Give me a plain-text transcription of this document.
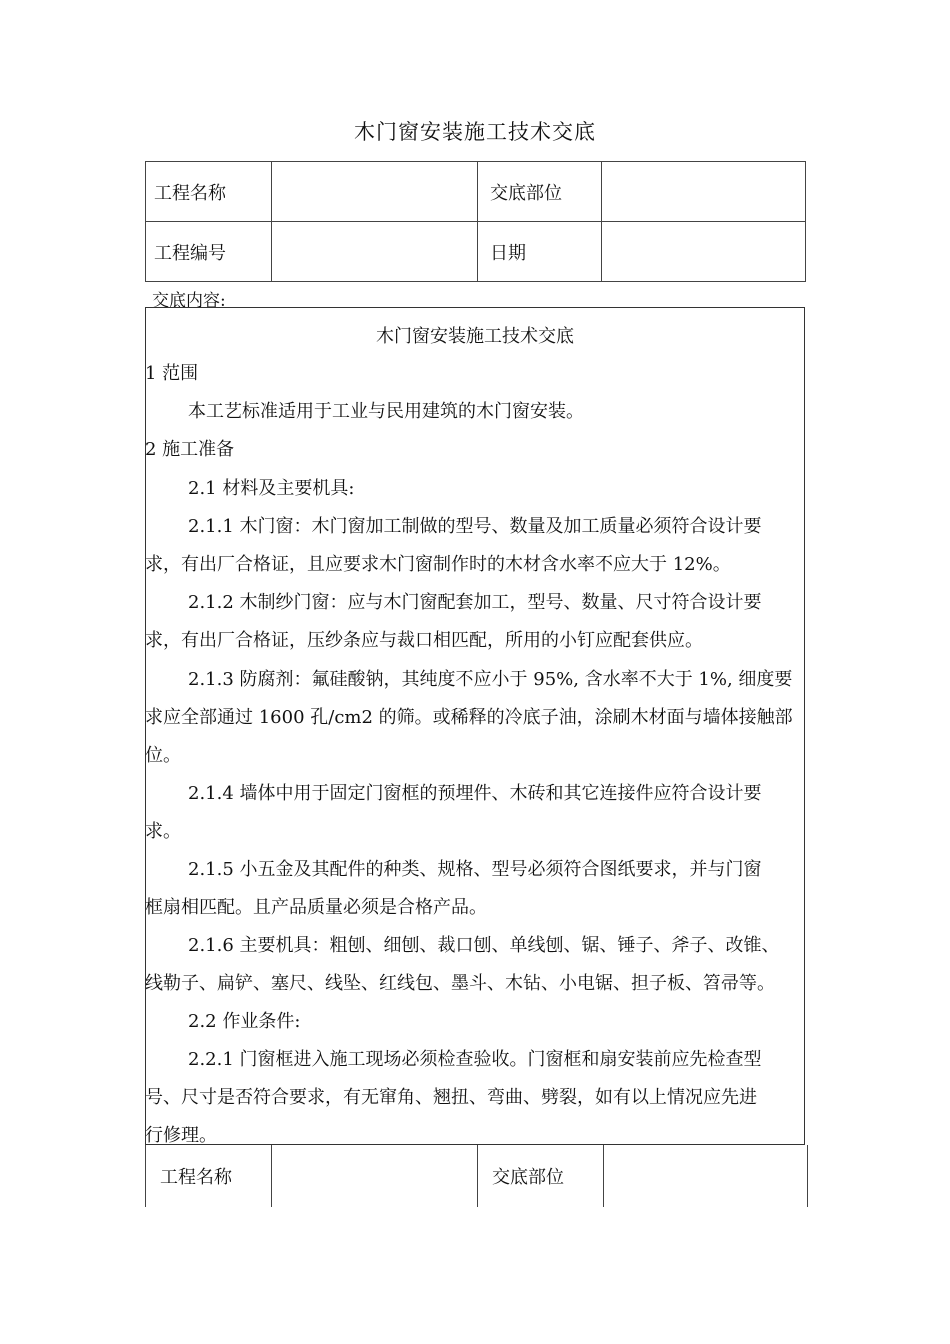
木门窗安装施工技术交底
工程名称		交底部位	
工程编号		日期	
交底内容:
木门窗安装施工技术交底
1 范围
本工艺标准适用于工业与民用建筑的木门窗安装。
2 施工准备
2.1 材料及主要机具:
2.1.1 木门窗：木门窗加工制做的型号、数量及加工质量必须符合设计要
求，有出厂合格证，且应要求木门窗制作时的木材含水率不应大于 12%。
2.1.2 木制纱门窗：应与木门窗配套加工，型号、数量、尺寸符合设计要
求，有出厂合格证，压纱条应与裁口相匹配，所用的小钉应配套供应。
2.1.3 防腐剂：氟硅酸钠，其纯度不应小于 95%, 含水率不大于 1%, 细度要
求应全部通过 1600 孔/cm2 的筛。或稀释的冷底子油，涂刷木材面与墙体接触部
位。
2.1.4 墙体中用于固定门窗框的预埋件、木砖和其它连接件应符合设计要
求。
2.1.5 小五金及其配件的种类、规格、型号必须符合图纸要求，并与门窗
框扇相匹配。且产品质量必须是合格产品。
2.1.6 主要机具：粗刨、细刨、裁口刨、单线刨、锯、锤子、斧子、改锥、
线勒子、扁铲、塞尺、线坠、红线包、墨斗、木钻、小电锯、担子板、笤帚等。
2.2 作业条件:
2.2.1 门窗框进入施工现场必须检查验收。门窗框和扇安装前应先检查型
号、尺寸是否符合要求，有无窜角、翘扭、弯曲、劈裂，如有以上情况应先进
行修理。
工程名称		交底部位	
